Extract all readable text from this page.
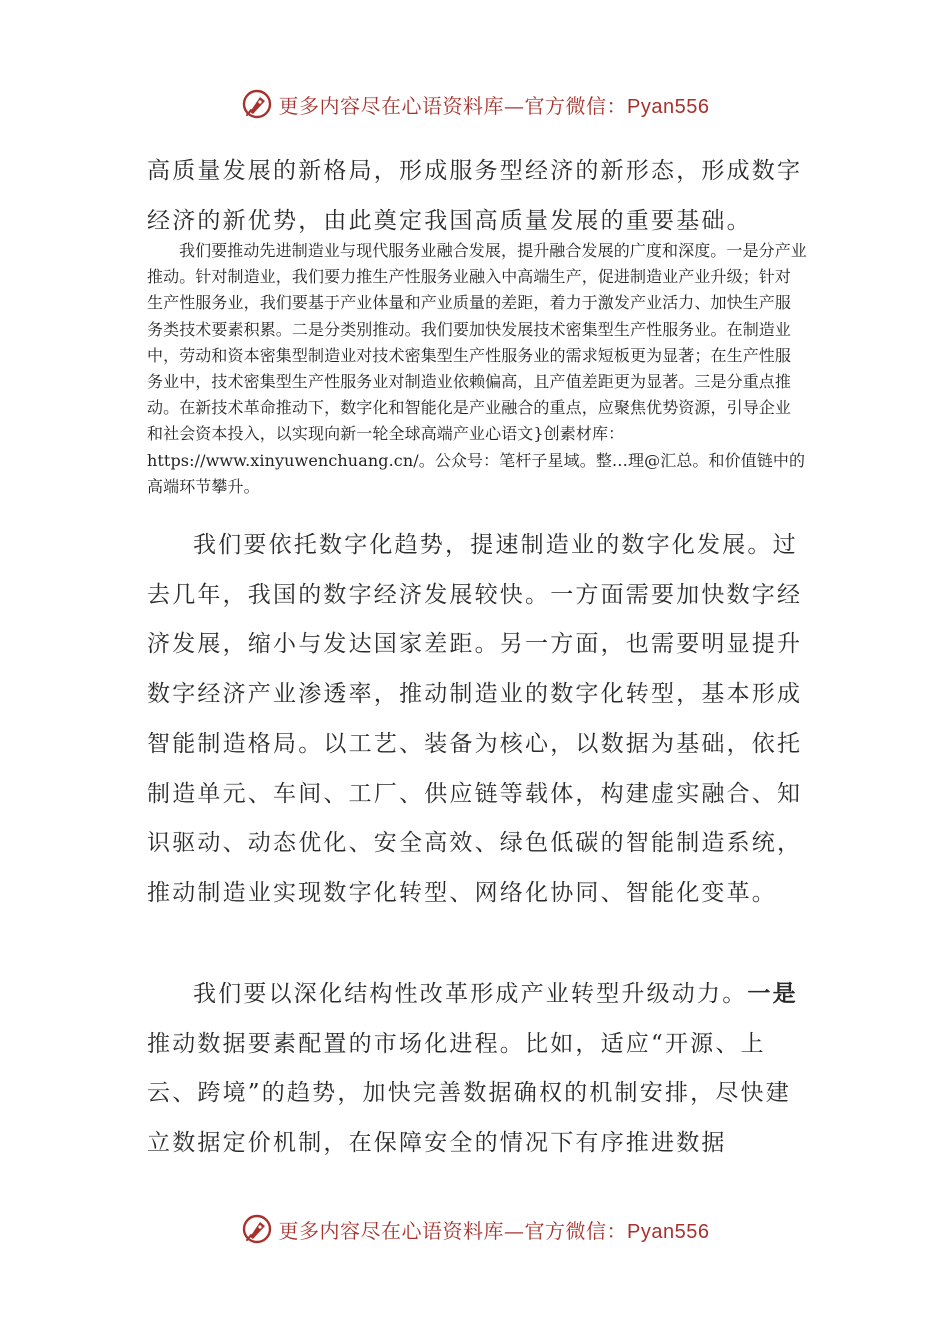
更多内容尽在心语资料库—官方微信：Pyan556

高质量发展的新格局，形成服务型经济的新形态，形成数字经济的新优势，由此奠定我国高质量发展的重要基础。

我们要推动先进制造业与现代服务业融合发展，提升融合发展的广度和深度。一是分产业推动。针对制造业，我们要力推生产性服务业融入中高端生产，促进制造业产业升级；针对生产性服务业，我们要基于产业体量和产业质量的差距，着力于激发产业活力、加快生产服务类技术要素积累。二是分类别推动。我们要加快发展技术密集型生产性服务业。在制造业中，劳动和资本密集型制造业对技术密集型生产性服务业的需求短板更为显著；在生产性服务业中，技术密集型生产性服务业对制造业依赖偏高，且产值差距更为显著。三是分重点推动。在新技术革命推动下，数字化和智能化是产业融合的重点，应聚焦优势资源，引导企业和社会资本投入，以实现向新一轮全球高端产业心语文}创素材库：https://www.xinyuwenchuang.cn/。公众号：笔杆子星域。整…理@汇总。和价值链中的高端环节攀升。

我们要依托数字化趋势，提速制造业的数字化发展。过去几年，我国的数字经济发展较快。一方面需要加快数字经济发展，缩小与发达国家差距。另一方面，也需要明显提升数字经济产业渗透率，推动制造业的数字化转型，基本形成智能制造格局。以工艺、装备为核心，以数据为基础，依托制造单元、车间、工厂、供应链等载体，构建虚实融合、知识驱动、动态优化、安全高效、绿色低碳的智能制造系统，推动制造业实现数字化转型、网络化协同、智能化变革。

我们要以深化结构性改革形成产业转型升级动力。一是推动数据要素配置的市场化进程。比如，适应“开源、上云、跨境”的趋势，加快完善数据确权的机制安排，尽快建立数据定价机制，在保障安全的情况下有序推进数据

更多内容尽在心语资料库—官方微信：Pyan556
